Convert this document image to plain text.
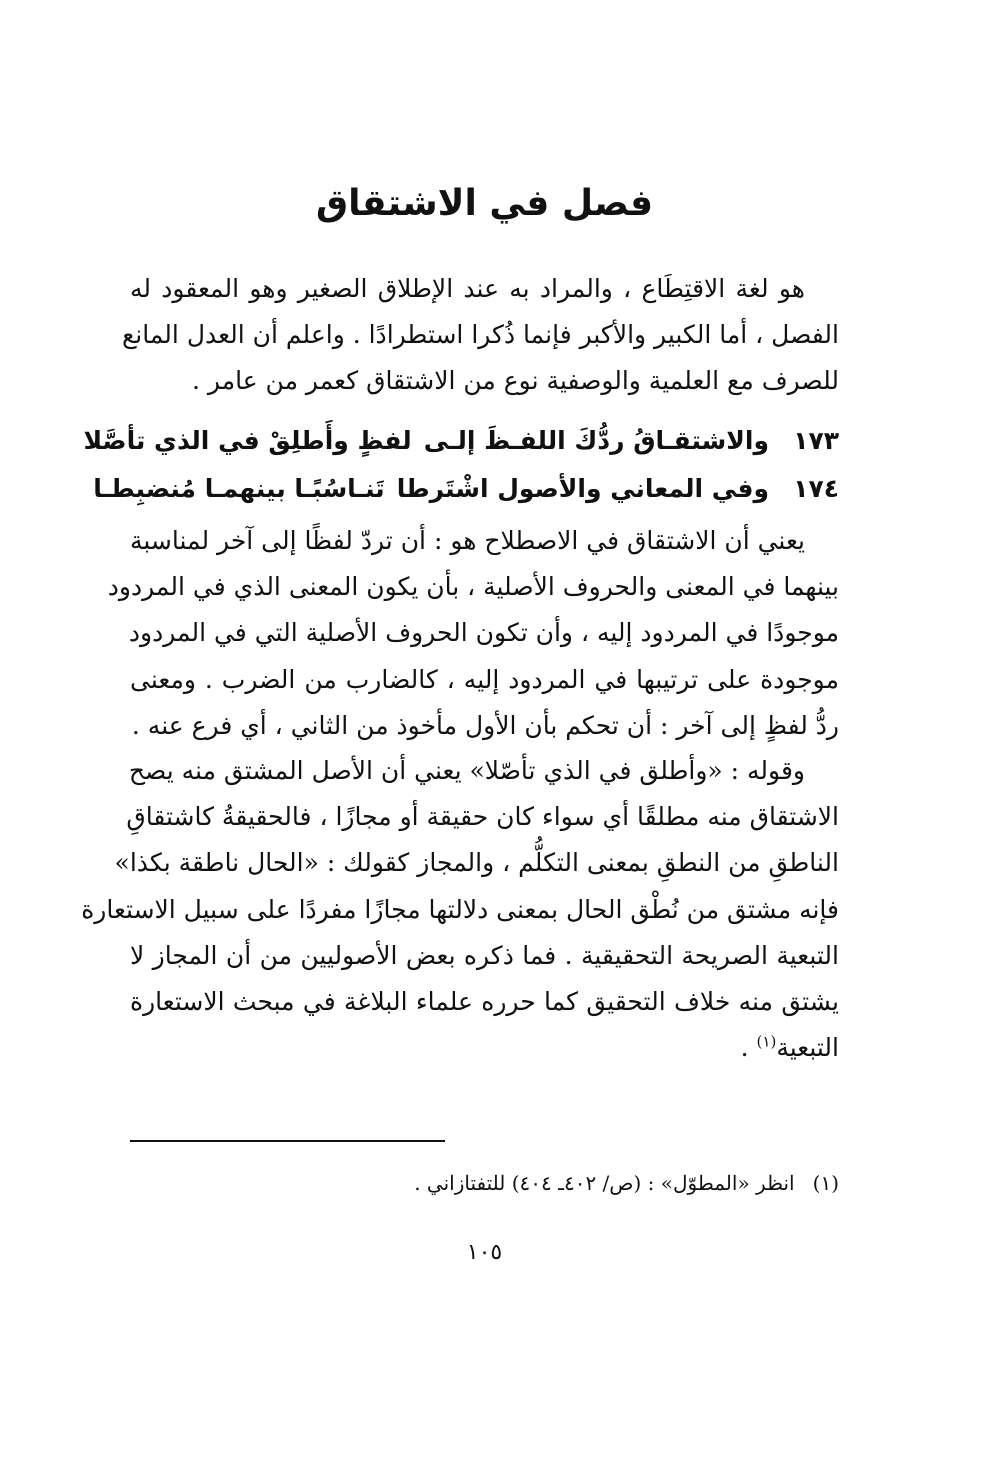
فصل في الاشتقاق
هو لغة الاقتِطَاع ، والمراد به عند الإطلاق الصغير وهو المعقود له
الفصل ، أما الكبير والأكبر فإنما ذُكرا استطرادًا . واعلم أن العدل المانع
للصرف مع العلمية والوصفية نوع من الاشتقاق كعمر من عامر .
١٧٣
والاشتقـاقُ ردُّكَ اللفـظَ إلـى
لفظٍ وأَطلِقْ في الذي تأصَّلا
١٧٤
وفي المعاني والأصول اشْتَرطا
تَنـاسُبًـا بينهمـا مُنضبِطـا
يعني أن الاشتقاق في الاصطلاح هو : أن تردّ لفظًا إلى آخر لمناسبة
بينهما في المعنى والحروف الأصلية ، بأن يكون المعنى الذي في المردود
موجودًا في المردود إليه ، وأن تكون الحروف الأصلية التي في المردود
موجودة على ترتيبها في المردود إليه ، كالضارب من الضرب . ومعنى
ردُّ لفظٍ إلى آخر : أن تحكم بأن الأول مأخوذ من الثاني ، أي فرع عنه .
وقوله : «وأطلق في الذي تأصّلا» يعني أن الأصل المشتق منه يصح
الاشتقاق منه مطلقًا أي سواء كان حقيقة أو مجازًا ، فالحقيقةُ كاشتقاقِ
الناطقِ من النطقِ بمعنى التكلُّم ، والمجاز كقولك : «الحال ناطقة بكذا»
فإنه مشتق من نُطْق الحال بمعنى دلالتها مجازًا مفردًا على سبيل الاستعارة
التبعية الصريحة التحقيقية . فما ذكره بعض الأصوليين من أن المجاز لا
يشتق منه خلاف التحقيق كما حرره علماء البلاغة في مبحث الاستعارة
التبعية$^{(١)}$ .
(١)انظر «المطوّل» : (ص/ ٤٠٢ـ ٤٠٤) للتفتازاني .
١٠٥
